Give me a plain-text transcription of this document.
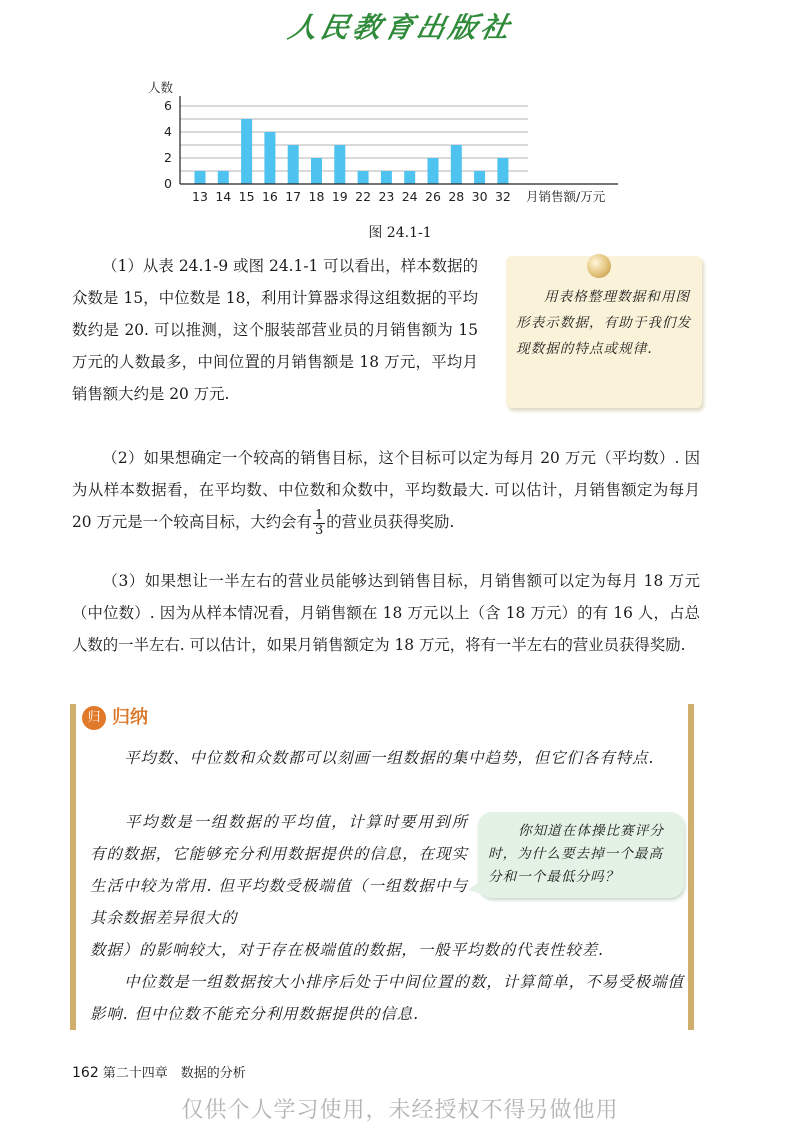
人民教育出版社
0
2
4
6
13 14 15 16 17 18 19 22 23 24 26 28 30 32
人数
月销售额/万元
图 24.1-1
（1）从表 24.1-9 或图 24.1-1 可以看出，样本数据的众数是 15，中位数是 18，利用计算器求得这组数据的平均数约是 20. 可以推测，这个服装部营业员的月销售额为 15 万元的人数最多，中间位置的月销售额是 18 万元，平均月销售额大约是 20 万元.
用表格整理数据和用图形表示数据，有助于我们发现数据的特点或规律.
（2）如果想确定一个较高的销售目标，这个目标可以定为每月 20 万元（平均数）. 因为从样本数据看，在平均数、中位数和众数中，平均数最大. 可以估计，月销售额定为每月 20 万元是一个较高目标，大约会有 $\frac{1}{3}$ 的营业员获得奖励.
（3）如果想让一半左右的营业员能够达到销售目标，月销售额可以定为每月 18 万元（中位数）. 因为从样本情况看，月销售额在 18 万元以上（含 18 万元）的有 16 人，占总人数的一半左右. 可以估计，如果月销售额定为 18 万元，将有一半左右的营业员获得奖励.
归 归纳
平均数、中位数和众数都可以刻画一组数据的集中趋势，但它们各有特点.
平均数是一组数据的平均值，计算时要用到所有的数据，它能够充分利用数据提供的信息，在现实生活中较为常用. 但平均数受极端值（一组数据中与其余数据差异很大的
数据）的影响较大，对于存在极端值的数据，一般平均数的代表性较差.
中位数是一组数据按大小排序后处于中间位置的数，计算简单，不易受极端值影响. 但中位数不能充分利用数据提供的信息.
你知道在体操比赛评分时，为什么要去掉一个最高分和一个最低分吗？
162 第二十四章　数据的分析
仅供个人学习使用，未经授权不得另做他用
